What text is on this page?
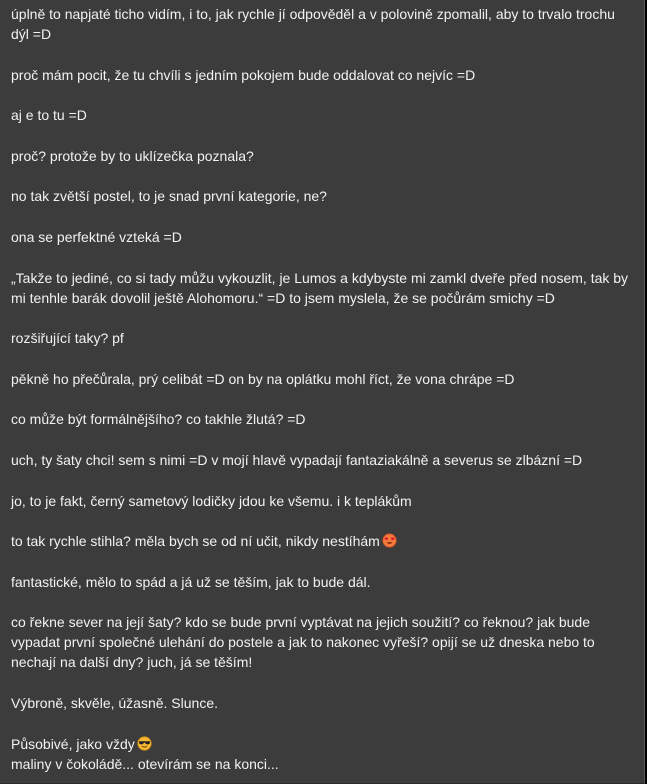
úplně to napjaté ticho vidím, i to, jak rychle jí odpověděl a v polovině zpomalil, aby to trvalo trochu dýl =D

proč mám pocit, že tu chvíli s jedním pokojem bude oddalovat co nejvíc =D

aj e to tu =D

proč? protože by to uklízečka poznala?

no tak zvětší postel, to je snad první kategorie, ne?

ona se perfektné vzteká =D

„Takže to jediné, co si tady můžu vykouzlit, je Lumos a kdybyste mi zamkl dveře před nosem, tak by mi tenhle barák dovolil ještě Alohomoru.“ =D to jsem myslela, že se počůrám smichy =D

rozšiřující taky? pf

pěkně ho přečůrala, prý celibát =D on by na oplátku mohl říct, že vona chrápe =D

co může být formálnějšího? co takhle žlutá? =D

uch, ty šaty chci! sem s nimi =D v mojí hlavě vypadají fantaziakálně a severus se zlbázní =D

jo, to je fakt, černý sametový lodičky jdou ke všemu. i k teplákům

to tak rychle stihla? měla bych se od ní učit, nikdy nestíhám

fantastické, mělo to spád a já už se těším, jak to bude dál.

co řekne sever na její šaty? kdo se bude první vyptávat na jejich soužití? co řeknou? jak bude vypadat první společné ulehání do postele a jak to nakonec vyřeší? opijí se už dneska nebo to nechají na další dny? juch, já se těším!

Výbroně, skvěle, úžasně. Slunce.

Působivé, jako vždy

maliny v čokoládě... otevírám se na konci...
